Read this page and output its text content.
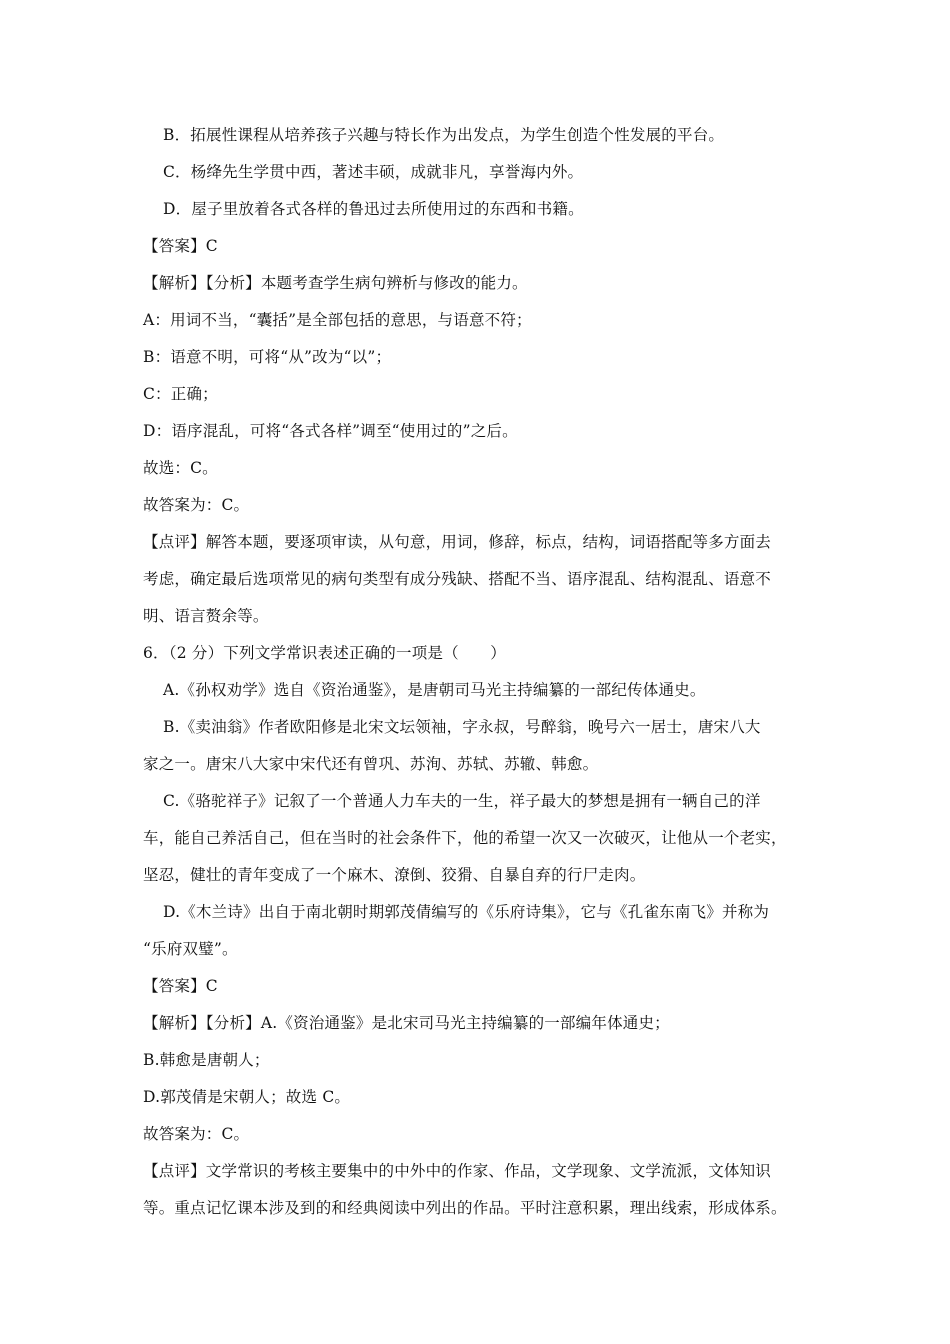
B．拓展性课程从培养孩子兴趣与特长作为出发点，为学生创造个性发展的平台。
C．杨绛先生学贯中西，著述丰硕，成就非凡，享誉海内外。
D．屋子里放着各式各样的鲁迅过去所使用过的东西和书籍。
【答案】C
【解析】【分析】本题考查学生病句辨析与修改的能力。
A：用词不当，“囊括”是全部包括的意思，与语意不符；
B：语意不明，可将“从”改为“以”；
C：正确；
D：语序混乱，可将“各式各样”调至“使用过的”之后。
故选：C。
故答案为：C。
【点评】解答本题，要逐项审读，从句意，用词，修辞，标点，结构，词语搭配等多方面去
考虑，确定最后选项常见的病句类型有成分残缺、搭配不当、语序混乱、结构混乱、语意不
明、语言赘余等。
6．（2 分）下列文学常识表述正确的一项是（　　）
A.《孙权劝学》选自《资治通鉴》，是唐朝司马光主持编纂的一部纪传体通史。
B.《卖油翁》作者欧阳修是北宋文坛领袖，字永叔，号醉翁，晚号六一居士，唐宋八大
家之一。唐宋八大家中宋代还有曾巩、苏洵、苏轼、苏辙、韩愈。
C.《骆驼祥子》记叙了一个普通人力车夫的一生，祥子最大的梦想是拥有一辆自己的洋
车，能自己养活自己，但在当时的社会条件下，他的希望一次又一次破灭，让他从一个老实，
坚忍，健壮的青年变成了一个麻木、潦倒、狡猾、自暴自弃的行尸走肉。
D.《木兰诗》出自于南北朝时期郭茂倩编写的《乐府诗集》，它与《孔雀东南飞》并称为
“乐府双璧”。
【答案】C
【解析】【分析】A.《资治通鉴》是北宋司马光主持编纂的一部编年体通史；
B.韩愈是唐朝人；
D.郭茂倩是宋朝人；故选 C。
故答案为：C。
【点评】文学常识的考核主要集中的中外中的作家、作品，文学现象、文学流派，文体知识
等。重点记忆课本涉及到的和经典阅读中列出的作品。平时注意积累，理出线索，形成体系。
